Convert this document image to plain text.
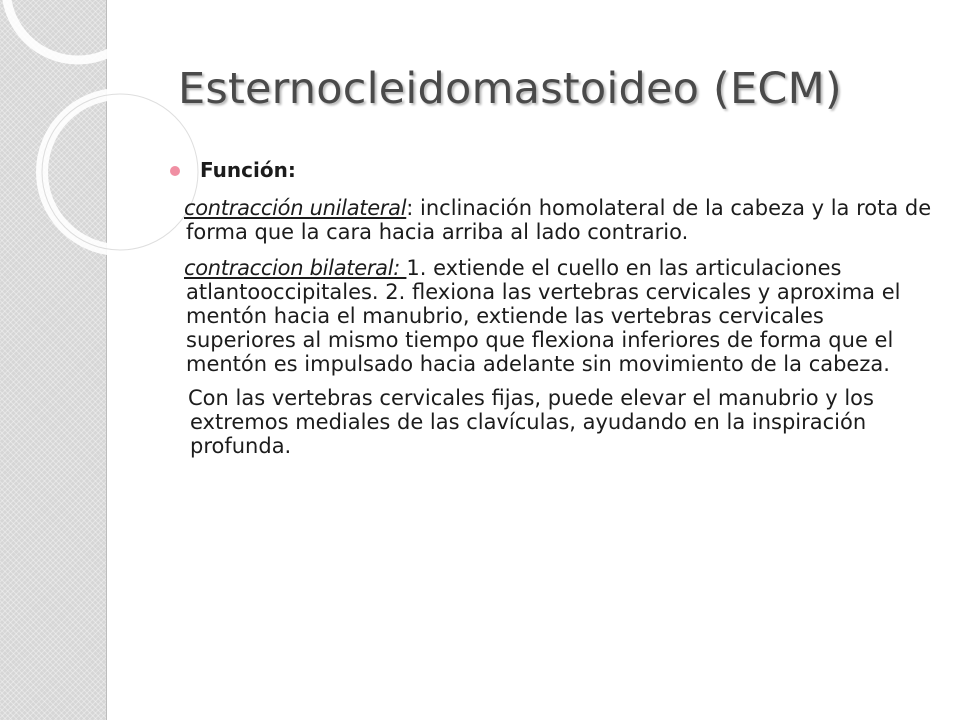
Esternocleidomastoideo (ECM)
Función:

contracción unilateral: inclinación homolateral de la cabeza y la rota de forma que la cara hacia arriba al lado contrario.

contraccion bilateral: 1. extiende el cuello en las articulaciones atlantooccipitales. 2. flexiona las vertebras cervicales y aproxima el mentón hacia el manubrio, extiende las vertebras cervicales superiores al mismo tiempo que flexiona inferiores de forma que el mentón es impulsado hacia adelante sin movimiento de la cabeza.

Con las vertebras cervicales fijas, puede elevar el manubrio y los extremos mediales de las clavículas, ayudando en la inspiración profunda.
